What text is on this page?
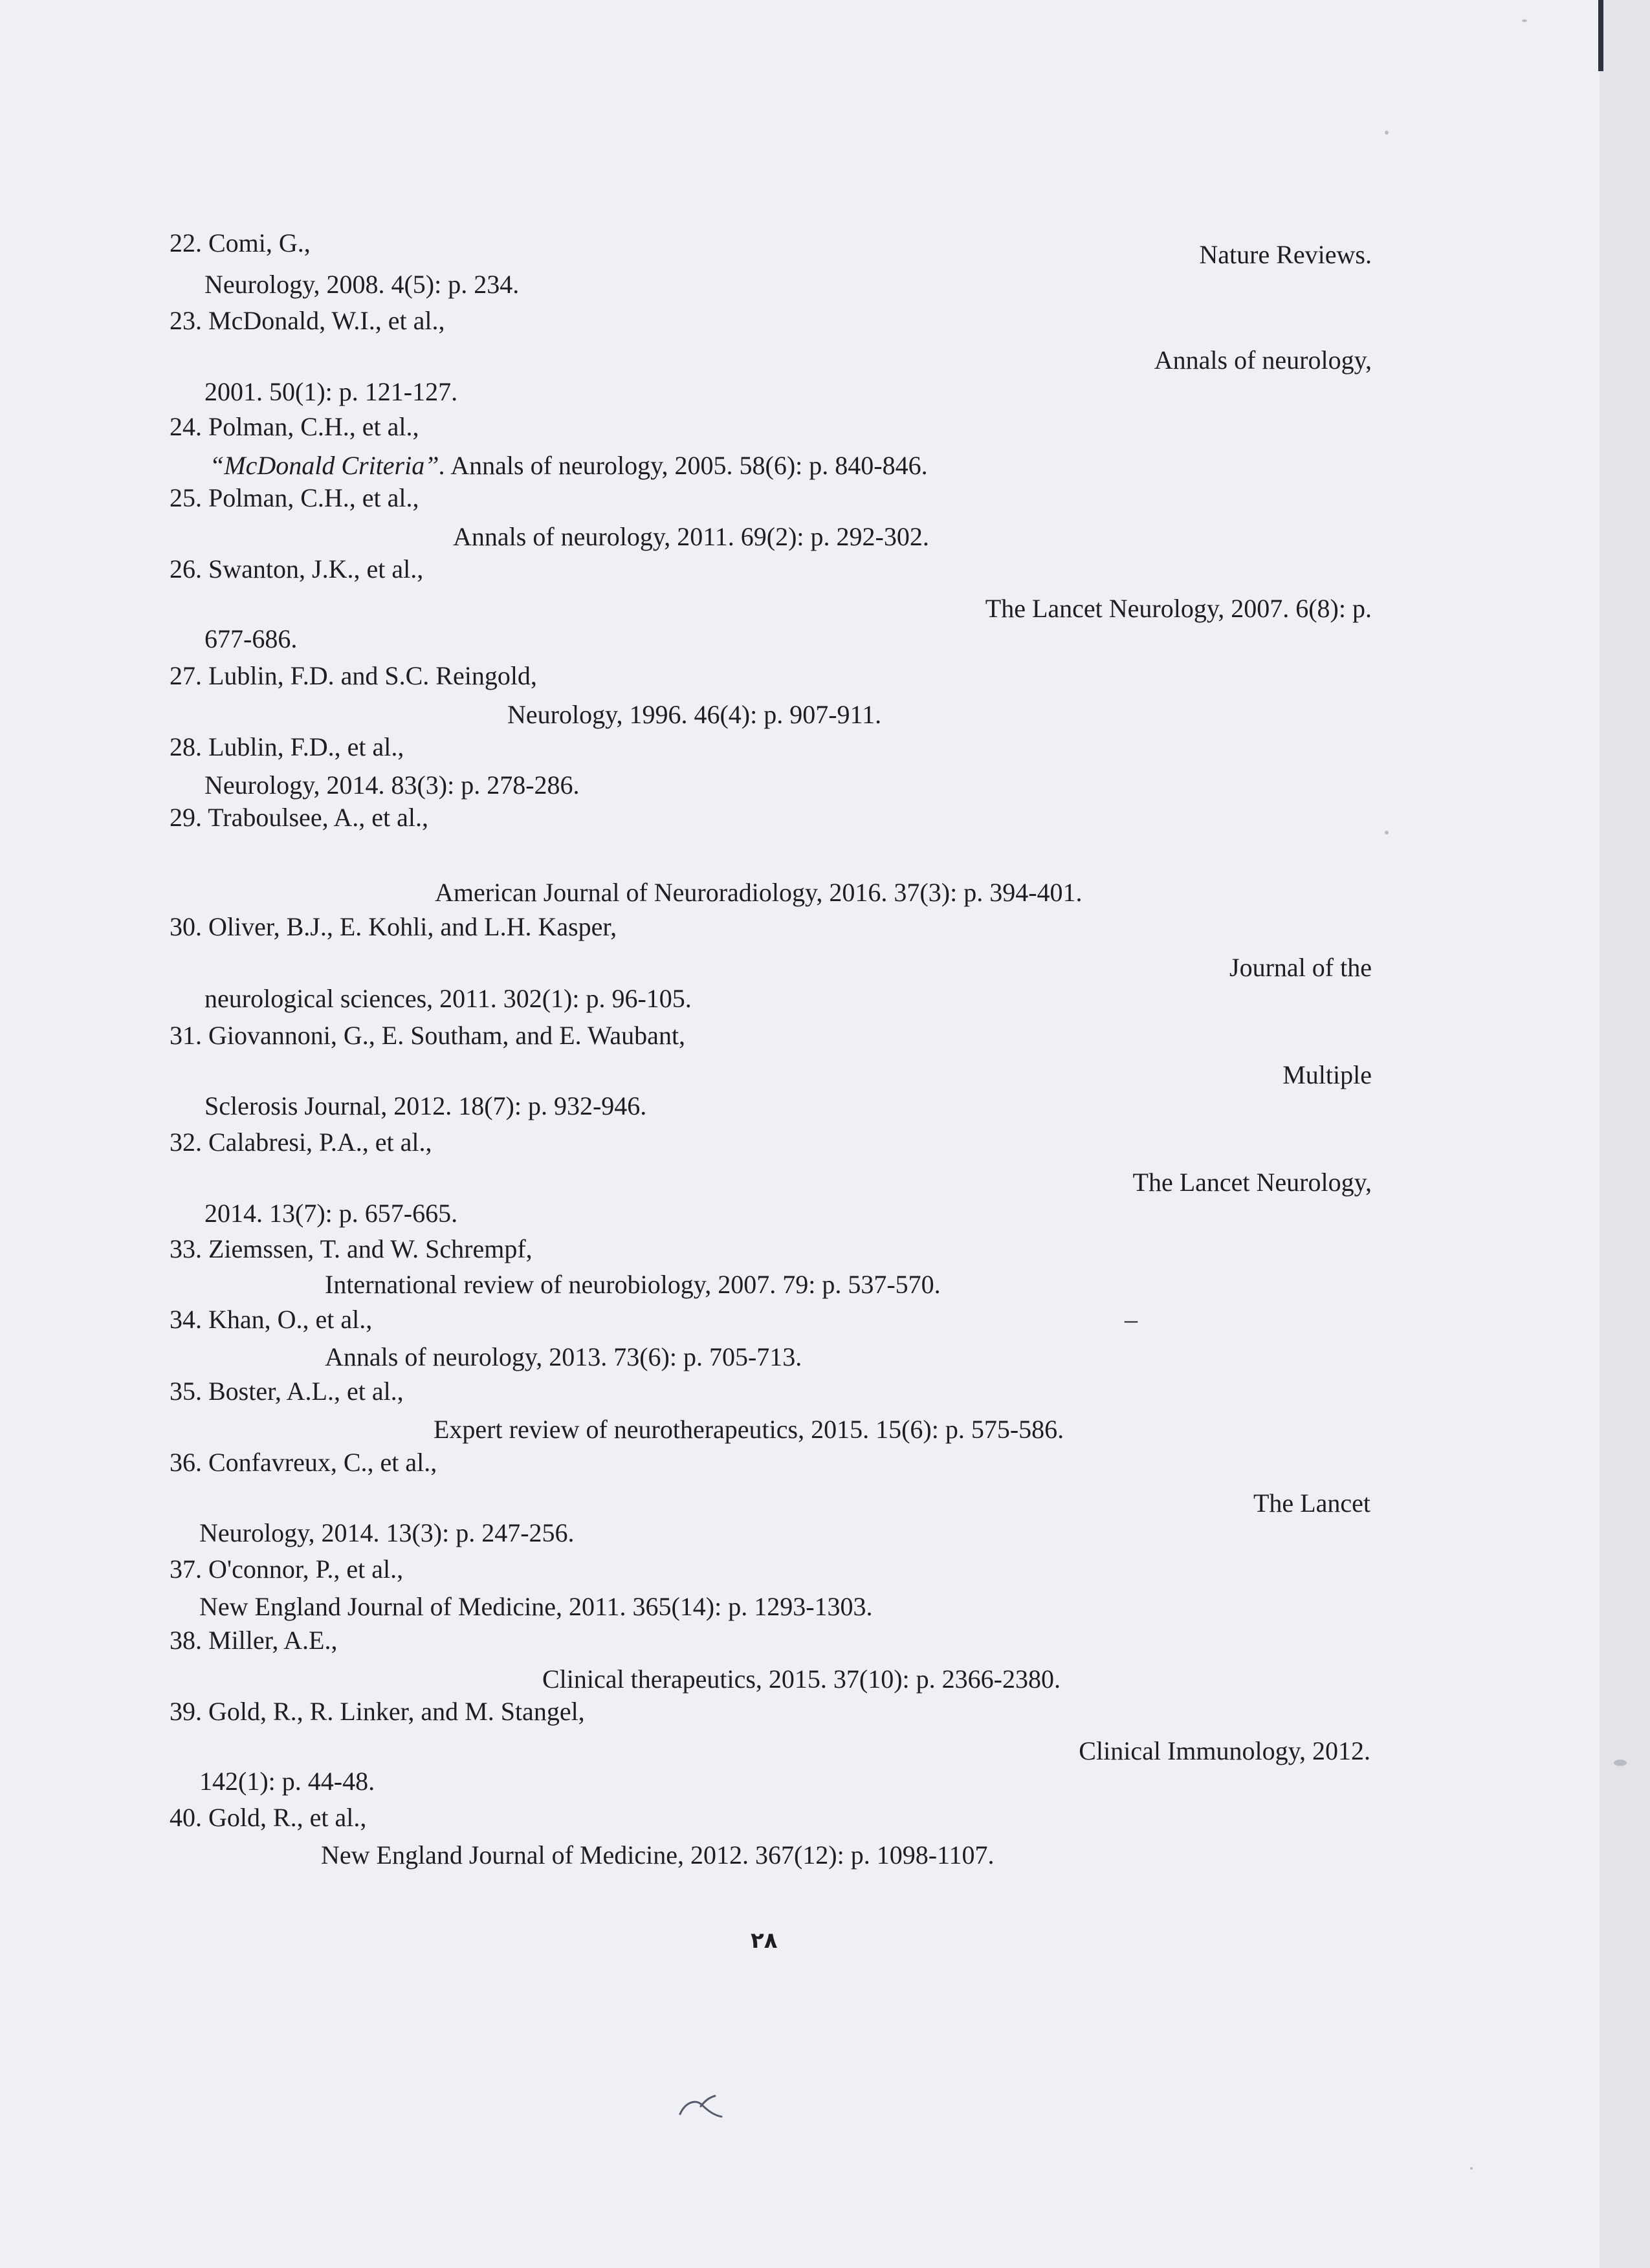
22. Comi, G.,	Nature Reviews.
Neurology, 2008. 4(5): p. 234.
23. McDonald, W.I., et al.,
Annals of neurology,
2001. 50(1): p. 121-127.
24. Polman, C.H., et al.,
“McDonald Criteria”. Annals of neurology, 2005. 58(6): p. 840-846.
25. Polman, C.H., et al.,
Annals of neurology, 2011. 69(2): p. 292-302.
26. Swanton, J.K., et al.,
The Lancet Neurology, 2007. 6(8): p.
677-686.
27. Lublin, F.D. and S.C. Reingold,
Neurology, 1996. 46(4): p. 907-911.
28. Lublin, F.D., et al.,
Neurology, 2014. 83(3): p. 278-286.
29. Traboulsee, A., et al.,
American Journal of Neuroradiology, 2016. 37(3): p. 394-401.
30. Oliver, B.J., E. Kohli, and L.H. Kasper,
Journal of the
neurological sciences, 2011. 302(1): p. 96-105.
31. Giovannoni, G., E. Southam, and E. Waubant,
Multiple
Sclerosis Journal, 2012. 18(7): p. 932-946.
32. Calabresi, P.A., et al.,
The Lancet Neurology,
2014. 13(7): p. 657-665.
33. Ziemssen, T. and W. Schrempf,
International review of neurobiology, 2007. 79: p. 537-570.
34. Khan, O., et al.,	–
Annals of neurology, 2013. 73(6): p. 705-713.
35. Boster, A.L., et al.,
Expert review of neurotherapeutics, 2015. 15(6): p. 575-586.
36. Confavreux, C., et al.,
The Lancet
Neurology, 2014. 13(3): p. 247-256.
37. O'connor, P., et al.,
New England Journal of Medicine, 2011. 365(14): p. 1293-1303.
38. Miller, A.E.,
Clinical therapeutics, 2015. 37(10): p. 2366-2380.
39. Gold, R., R. Linker, and M. Stangel,
Clinical Immunology, 2012.
142(1): p. 44-48.
40. Gold, R., et al.,
New England Journal of Medicine, 2012. 367(12): p. 1098-1107.
۲۸
